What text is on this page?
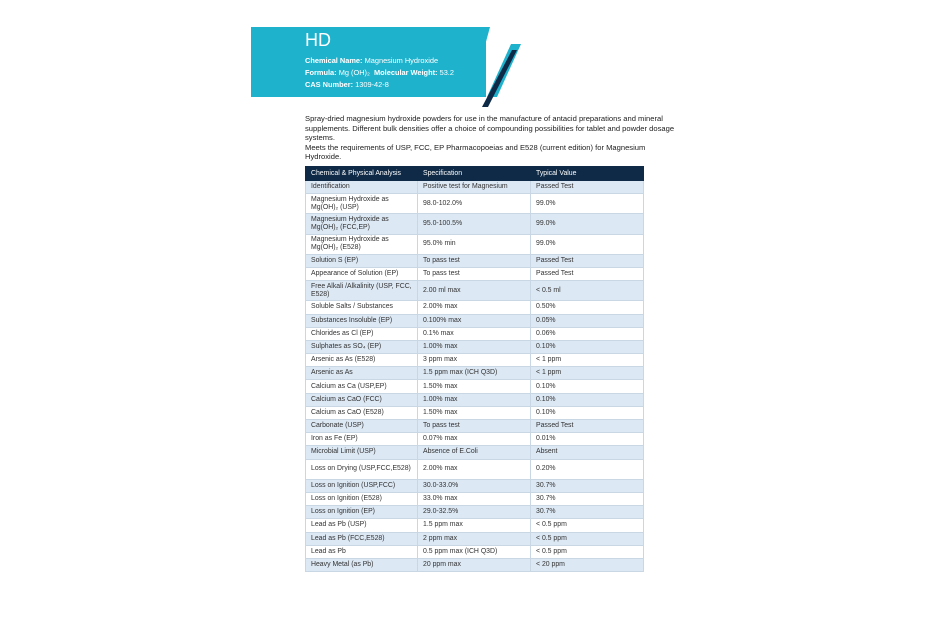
HD
Chemical Name: Magnesium Hydroxide
Formula: Mg (OH)₂ Molecular Weight: 53.2
CAS Number: 1309-42-8

Spray-dried magnesium hydroxide powders for use in the manufacture of antacid preparations and mineral supplements. Different bulk densities offer a choice of compounding possibilities for tablet and powder dosage systems.

Meets the requirements of USP, FCC, EP Pharmacopoeias and E528 (current edition) for Magnesium Hydroxide.

Chemical & Physical Analysis	Specification	Typical Value
Identification	Positive test for Magnesium	Passed Test
Magnesium Hydroxide as Mg(OH)₂ (USP)	98.0-102.0%	99.0%
Magnesium Hydroxide as Mg(OH)₂ (FCC,EP)	95.0-100.5%	99.0%
Magnesium Hydroxide as Mg(OH)₂ (E528)	95.0% min	99.0%
Solution S (EP)	To pass test	Passed Test
Appearance of Solution (EP)	To pass test	Passed Test
Free Alkali /Alkalinity (USP, FCC, E528)	2.00 ml max	< 0.5 ml
Soluble Salts / Substances	2.00% max	0.50%
Substances Insoluble (EP)	0.100% max	0.05%
Chlorides as Cl (EP)	0.1% max	0.06%
Sulphates as SO₄ (EP)	1.00% max	0.10%
Arsenic as As (E528)	3 ppm max	< 1 ppm
Arsenic as As	1.5 ppm max (ICH Q3D)	< 1 ppm
Calcium as Ca (USP,EP)	1.50% max	0.10%
Calcium as CaO (FCC)	1.00% max	0.10%
Calcium as CaO (E528)	1.50% max	0.10%
Carbonate (USP)	To pass test	Passed Test
Iron as Fe (EP)	0.07% max	0.01%
Microbial Limit (USP)	Absence of E.Coli	Absent
Loss on Drying (USP,FCC,E528)	2.00% max	0.20%
Loss on Ignition (USP,FCC)	30.0-33.0%	30.7%
Loss on Ignition (E528)	33.0% max	30.7%
Loss on Ignition (EP)	29.0-32.5%	30.7%
Lead as Pb (USP)	1.5 ppm max	< 0.5 ppm
Lead as Pb (FCC,E528)	2 ppm max	< 0.5 ppm
Lead as Pb	0.5 ppm max (ICH Q3D)	< 0.5 ppm
Heavy Metal (as Pb)	20 ppm max	< 20 ppm
